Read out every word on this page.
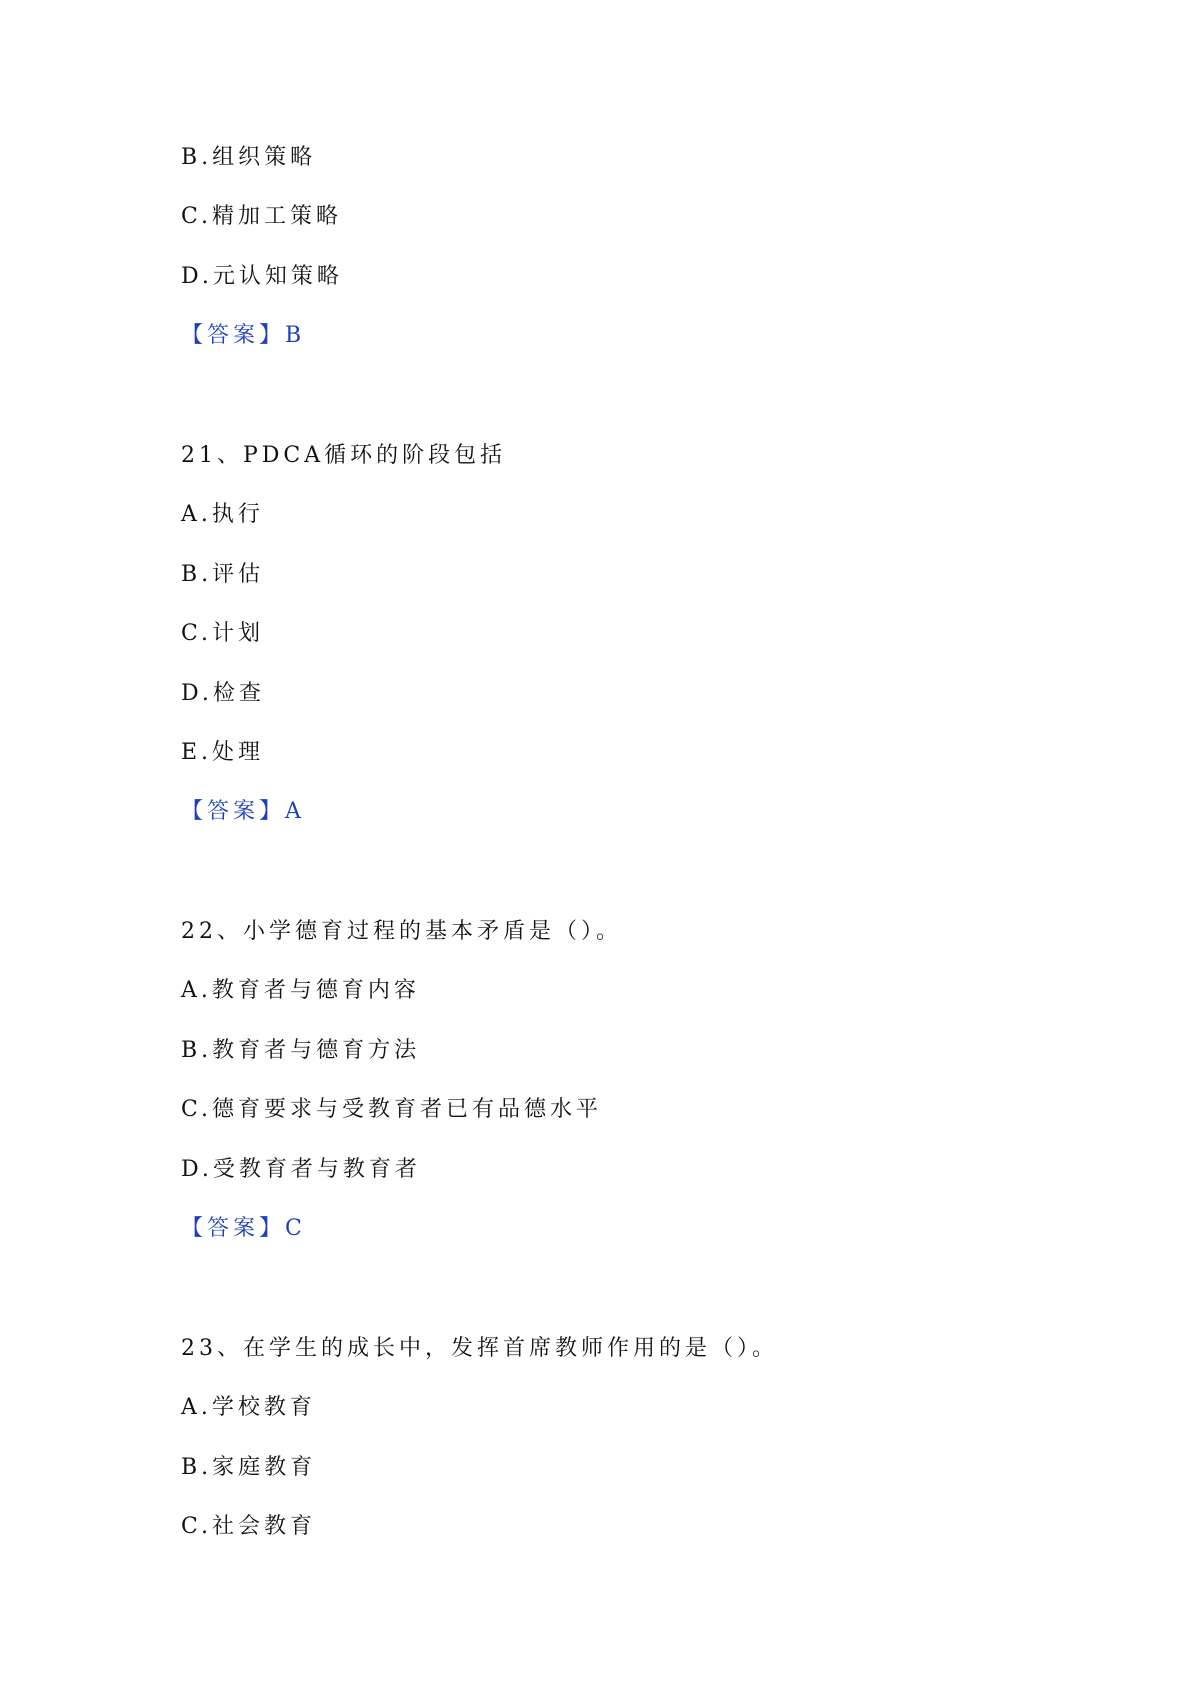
B.组织策略
C.精加工策略
D.元认知策略
【答案】B
21、PDCA循环的阶段包括
A.执行
B.评估
C.计划
D.检查
E.处理
【答案】A
22、小学德育过程的基本矛盾是（）。
A.教育者与德育内容
B.教育者与德育方法
C.德育要求与受教育者已有品德水平
D.受教育者与教育者
【答案】C
23、在学生的成长中，发挥首席教师作用的是（）。
A.学校教育
B.家庭教育
C.社会教育
